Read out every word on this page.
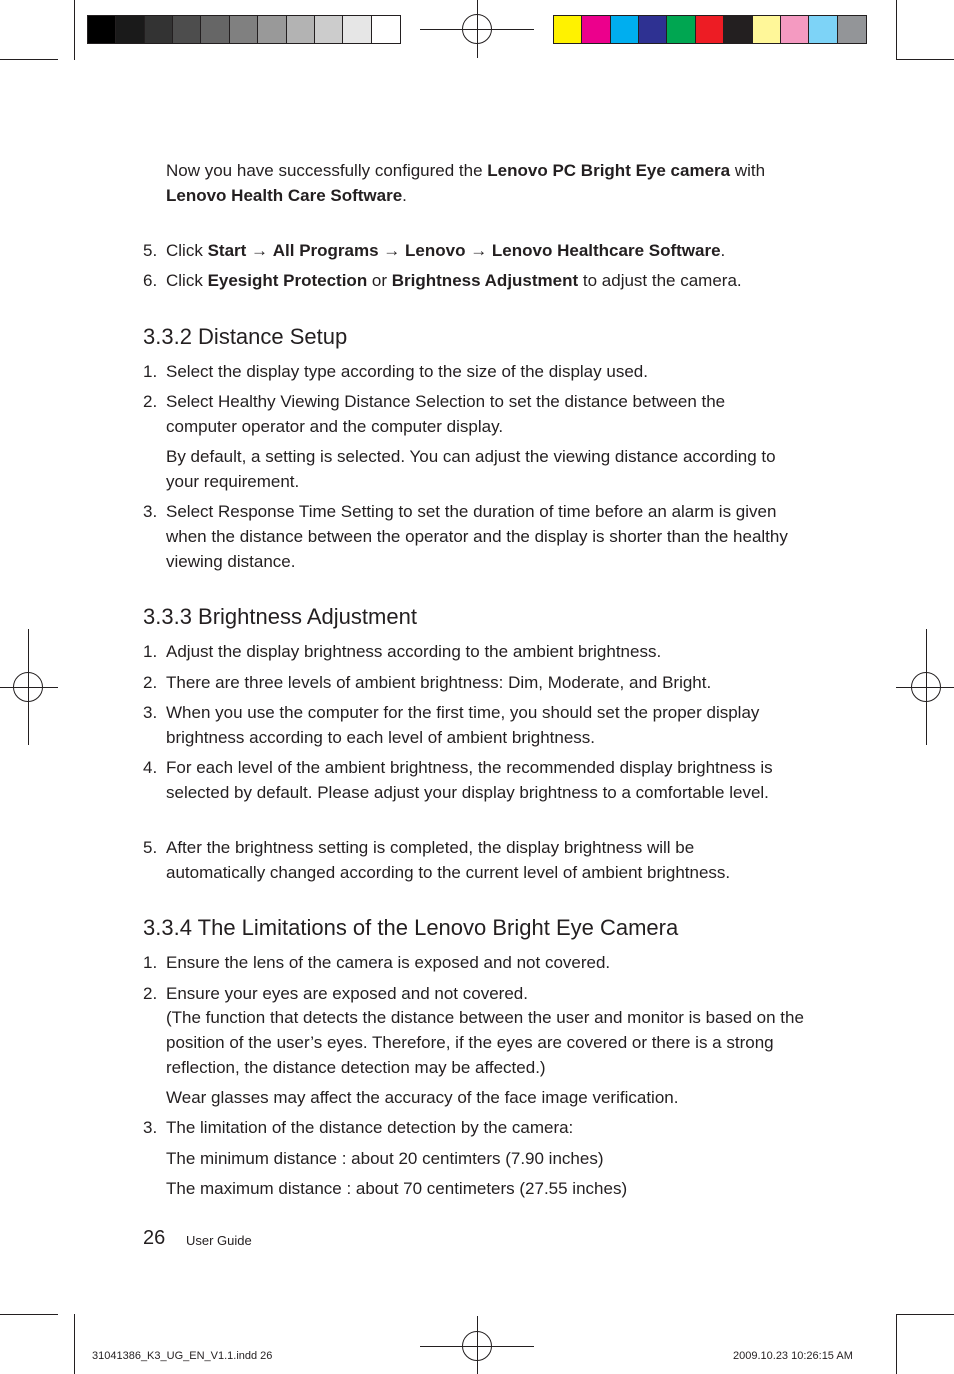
Now you have successfully configured the Lenovo PC Bright Eye camera with Lenovo Health Care Software.
5. Click Start → All Programs → Lenovo → Lenovo Healthcare Software.
6. Click Eyesight Protection or Brightness Adjustment to adjust the camera.
3.3.2 Distance Setup
1. Select the display type according to the size of the display used.
2. Select Healthy Viewing Distance Selection to set the distance between the computer operator and the computer display.
By default, a setting is selected. You can adjust the viewing distance according to your requirement.
3. Select Response Time Setting to set the duration of time before an alarm is given when the distance between the operator and the display is shorter than the healthy viewing distance.
3.3.3 Brightness Adjustment
1. Adjust the display brightness according to the ambient brightness.
2. There are three levels of ambient brightness: Dim, Moderate, and Bright.
3. When you use the computer for the first time, you should set the proper display brightness according to each level of ambient brightness.
4. For each level of the ambient brightness, the recommended display brightness is selected by default. Please adjust your display brightness to a comfortable level.
5. After the brightness setting is completed, the display brightness will be automatically changed according to the current level of ambient brightness.
3.3.4 The Limitations of the Lenovo Bright Eye Camera
1. Ensure the lens of the camera is exposed and not covered.
2. Ensure your eyes are exposed and not covered.
(The function that detects the distance between the user and monitor is based on the position of the user’s eyes. Therefore, if the eyes are covered or there is a strong reflection, the distance detection may be affected.)
Wear glasses may affect the accuracy of the face image verification.
3. The limitation of the distance detection by the camera:
The minimum distance : about 20 centimters (7.90 inches)
The maximum distance : about 70 centimeters (27.55 inches)
26 User Guide
31041386_K3_UG_EN_V1.1.indd 26	2009.10.23 10:26:15 AM
